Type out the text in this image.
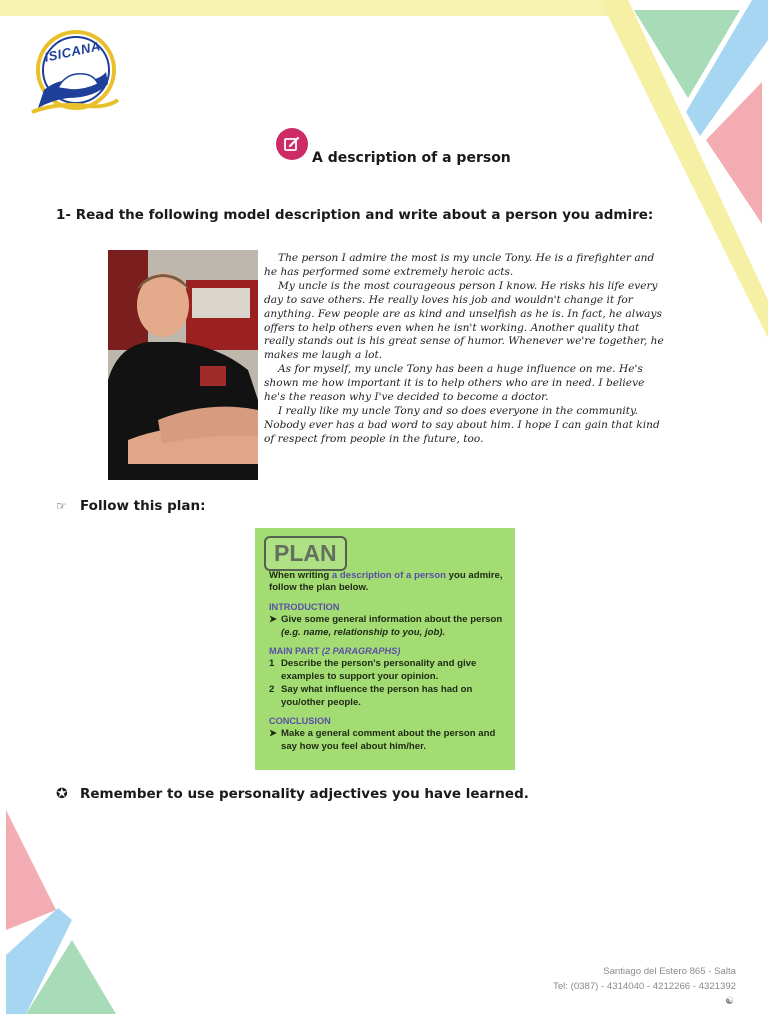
ISICANA
A description of a person
1- Read the following model description and write about a person you admire:

The person I admire the most is my uncle Tony. He is a firefighter and he has performed some extremely heroic acts.

My uncle is the most courageous person I know. He risks his life every day to save others. He really loves his job and wouldn't change it for anything. Few people are as kind and unselfish as he is. In fact, he always offers to help others even when he isn't working. Another quality that really stands out is his great sense of humor. Whenever we're together, he makes me laugh a lot.

As for myself, my uncle Tony has been a huge influence on me. He's shown me how important it is to help others who are in need. I believe he's the reason why I've decided to become a doctor.

I really like my uncle Tony and so does everyone in the community. Nobody ever has a bad word to say about him. I hope I can gain that kind of respect from people in the future, too.

☞ Follow this plan:
PLAN

When writing a description of a person you admire, follow the plan below.

INTRODUCTION
➤ Give some general information about the person (e.g. name, relationship to you, job).
MAIN PART (2 PARAGRAPHS)
1 Describe the person's personality and give examples to support your opinion.
2 Say what influence the person has had on you/other people.
CONCLUSION
➤ Make a general comment about the person and say how you feel about him/her.
✪ Remember to use personality adjectives you have learned.
Santiago del Estero 865 - Salta
Tel: (0387) - 4314040 - 4212266 - 4321392
☯
